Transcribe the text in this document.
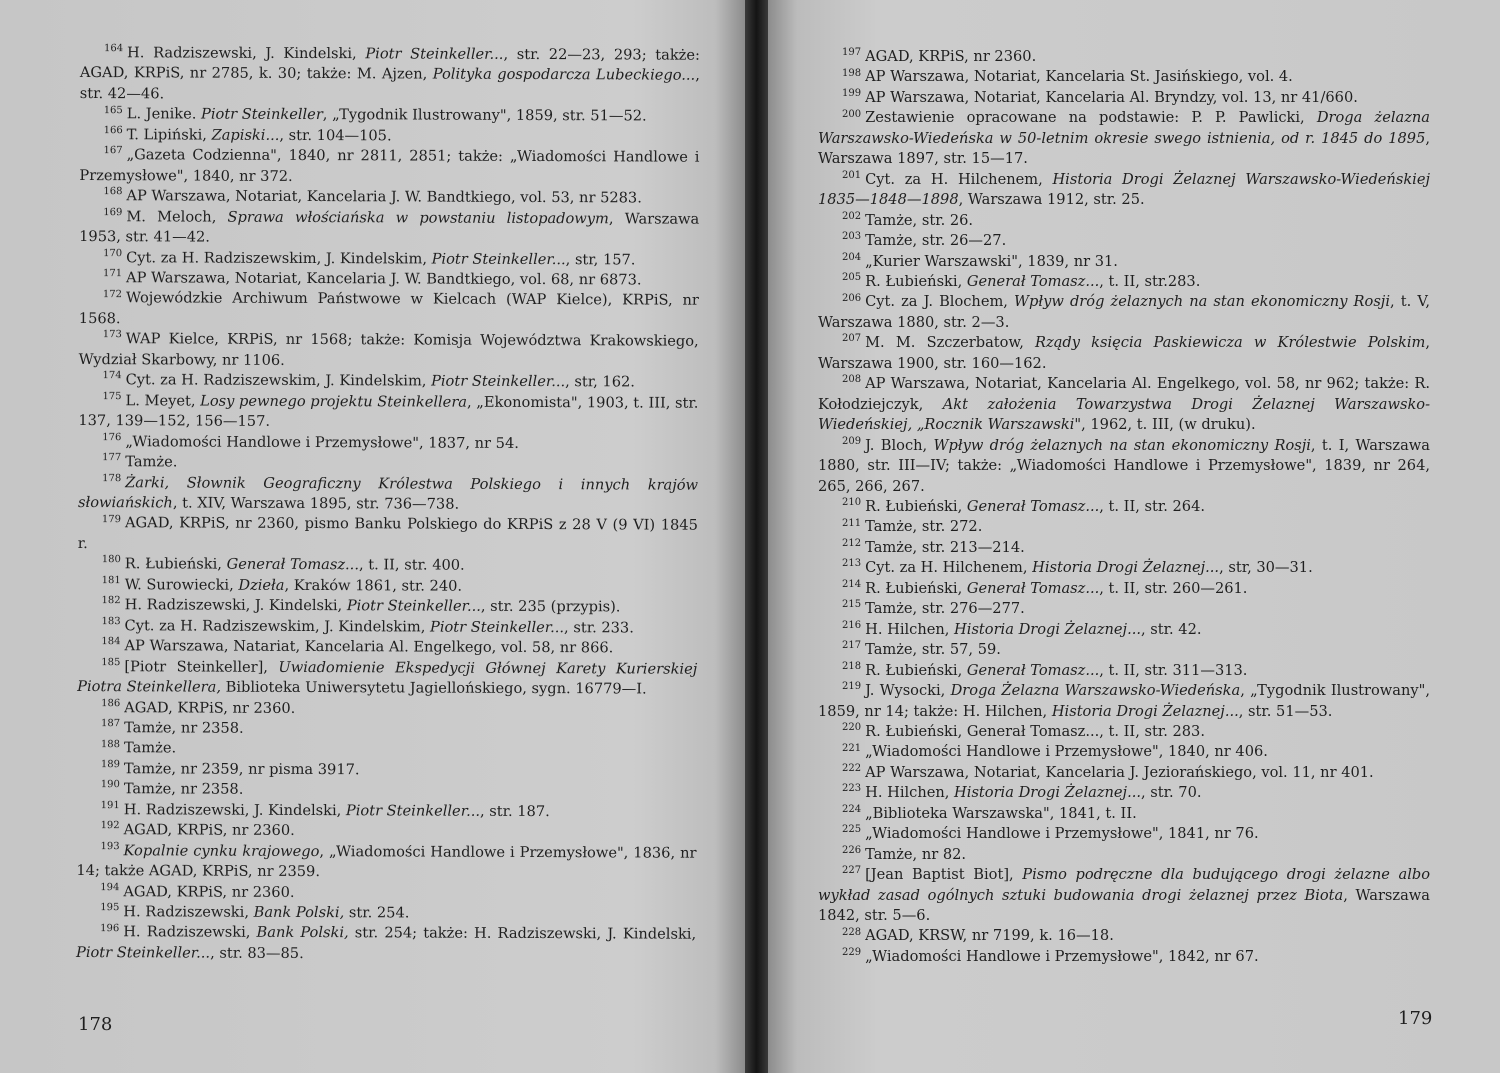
$^{164}$ H. Radziszewski, J. Kindelski, Piotr Steinkeller..., str. 22—23, 293; także: AGAD, KRPiS, nr 2785, k. 30; także: M. Ajzen, Polityka gospodarcza Lubeckiego..., str. 42—46.

$^{165}$ L. Jenike. Piotr Steinkeller, „Tygodnik Ilustrowany", 1859, str. 51—52.

$^{166}$ T. Lipiński, Zapiski..., str. 104—105.

$^{167}$ „Gazeta Codzienna", 1840, nr 2811, 2851; także: „Wiadomości Handlowe i Przemysłowe", 1840, nr 372.

$^{168}$ AP Warszawa, Notariat, Kancelaria J. W. Bandtkiego, vol. 53, nr 5283.

$^{169}$ M. Meloch, Sprawa włościańska w powstaniu listopadowym, Warszawa 1953, str. 41—42.

$^{170}$ Cyt. za H. Radziszewskim, J. Kindelskim, Piotr Steinkeller..., str, 157.

$^{171}$ AP Warszawa, Notariat, Kancelaria J. W. Bandtkiego, vol. 68, nr 6873.

$^{172}$ Wojewódzkie Archiwum Państwowe w Kielcach (WAP Kielce), KRPiS, nr 1568.

$^{173}$ WAP Kielce, KRPiS, nr 1568; także: Komisja Województwa Krakowskiego, Wydział Skarbowy, nr 1106.

$^{174}$ Cyt. za H. Radziszewskim, J. Kindelskim, Piotr Steinkeller..., str, 162.

$^{175}$ L. Meyet, Losy pewnego projektu Steinkellera, „Ekonomista", 1903, t. III, str. 137, 139—152, 156—157.

$^{176}$ „Wiadomości Handlowe i Przemysłowe", 1837, nr 54.

$^{177}$ Tamże.

$^{178}$ Żarki, Słownik Geograficzny Królestwa Polskiego i innych krajów słowiańskich, t. XIV, Warszawa 1895, str. 736—738.

$^{179}$ AGAD, KRPiS, nr 2360, pismo Banku Polskiego do KRPiS z 28 V (9 VI) 1845 r.

$^{180}$ R. Łubieński, Generał Tomasz..., t. II, str. 400.

$^{181}$ W. Surowiecki, Dzieła, Kraków 1861, str. 240.

$^{182}$ H. Radziszewski, J. Kindelski, Piotr Steinkeller..., str. 235 (przypis).

$^{183}$ Cyt. za H. Radziszewskim, J. Kindelskim, Piotr Steinkeller..., str. 233.

$^{184}$ AP Warszawa, Natariat, Kancelaria Al. Engelkego, vol. 58, nr 866.

$^{185}$ [Piotr Steinkeller], Uwiadomienie Ekspedycji Głównej Karety Kurierskiej Piotra Steinkellera, Biblioteka Uniwersytetu Jagiellońskiego, sygn. 16779—I.

$^{186}$ AGAD, KRPiS, nr 2360.

$^{187}$ Tamże, nr 2358.

$^{188}$ Tamże.

$^{189}$ Tamże, nr 2359, nr pisma 3917.

$^{190}$ Tamże, nr 2358.

$^{191}$ H. Radziszewski, J. Kindelski, Piotr Steinkeller..., str. 187.

$^{192}$ AGAD, KRPiS, nr 2360.

$^{193}$ Kopalnie cynku krajowego, „Wiadomości Handlowe i Przemysłowe", 1836, nr 14; także AGAD, KRPiS, nr 2359.

$^{194}$ AGAD, KRPiS, nr 2360.

$^{195}$ H. Radziszewski, Bank Polski, str. 254.

$^{196}$ H. Radziszewski, Bank Polski, str. 254; także: H. Radziszewski, J. Kindelski, Piotr Steinkeller..., str. 83—85.

178

$^{197}$ AGAD, KRPiS, nr 2360.

$^{198}$ AP Warszawa, Notariat, Kancelaria St. Jasińskiego, vol. 4.

$^{199}$ AP Warszawa, Notariat, Kancelaria Al. Bryndzy, vol. 13, nr 41/660.

$^{200}$ Zestawienie opracowane na podstawie: P. P. Pawlicki, Droga żelazna Warszawsko-Wiedeńska w 50-letnim okresie swego istnienia, od r. 1845 do 1895, Warszawa 1897, str. 15—17.

$^{201}$ Cyt. za H. Hilchenem, Historia Drogi Żelaznej Warszawsko-Wiedeńskiej 1835—1848—1898, Warszawa 1912, str. 25.

$^{202}$ Tamże, str. 26.

$^{203}$ Tamże, str. 26—27.

$^{204}$ „Kurier Warszawski", 1839, nr 31.

$^{205}$ R. Łubieński, Generał Tomasz..., t. II, str.283.

$^{206}$ Cyt. za J. Blochem, Wpływ dróg żelaznych na stan ekonomiczny Rosji, t. V, Warszawa 1880, str. 2—3.

$^{207}$ M. M. Szczerbatow, Rządy księcia Paskiewicza w Królestwie Polskim, Warszawa 1900, str. 160—162.

$^{208}$ AP Warszawa, Notariat, Kancelaria Al. Engelkego, vol. 58, nr 962; także: R. Kołodziejczyk, Akt założenia Towarzystwa Drogi Żelaznej Warszawsko-Wiedeńskiej, „Rocznik Warszawski", 1962, t. III, (w druku).

$^{209}$ J. Bloch, Wpływ dróg żelaznych na stan ekonomiczny Rosji, t. I, Warszawa 1880, str. III—IV; także: „Wiadomości Handlowe i Przemysłowe", 1839, nr 264, 265, 266, 267.

$^{210}$ R. Łubieński, Generał Tomasz..., t. II, str. 264.

$^{211}$ Tamże, str. 272.

$^{212}$ Tamże, str. 213—214.

$^{213}$ Cyt. za H. Hilchenem, Historia Drogi Żelaznej..., str, 30—31.

$^{214}$ R. Łubieński, Generał Tomasz..., t. II, str. 260—261.

$^{215}$ Tamże, str. 276—277.

$^{216}$ H. Hilchen, Historia Drogi Żelaznej..., str. 42.

$^{217}$ Tamże, str. 57, 59.

$^{218}$ R. Łubieński, Generał Tomasz..., t. II, str. 311—313.

$^{219}$ J. Wysocki, Droga Żelazna Warszawsko-Wiedeńska, „Tygodnik Ilustrowany", 1859, nr 14; także: H. Hilchen, Historia Drogi Żelaznej..., str. 51—53.

$^{220}$ R. Łubieński, Generał Tomasz..., t. II, str. 283.

$^{221}$ „Wiadomości Handlowe i Przemysłowe", 1840, nr 406.

$^{222}$ AP Warszawa, Notariat, Kancelaria J. Jeziorańskiego, vol. 11, nr 401.

$^{223}$ H. Hilchen, Historia Drogi Żelaznej..., str. 70.

$^{224}$ „Biblioteka Warszawska", 1841, t. II.

$^{225}$ „Wiadomości Handlowe i Przemysłowe", 1841, nr 76.

$^{226}$ Tamże, nr 82.

$^{227}$ [Jean Baptist Biot], Pismo podręczne dla budującego drogi żelazne albo wykład zasad ogólnych sztuki budowania drogi żelaznej przez Biota, Warszawa 1842, str. 5—6.

$^{228}$ AGAD, KRSW, nr 7199, k. 16—18.

$^{229}$ „Wiadomości Handlowe i Przemysłowe", 1842, nr 67.

179
